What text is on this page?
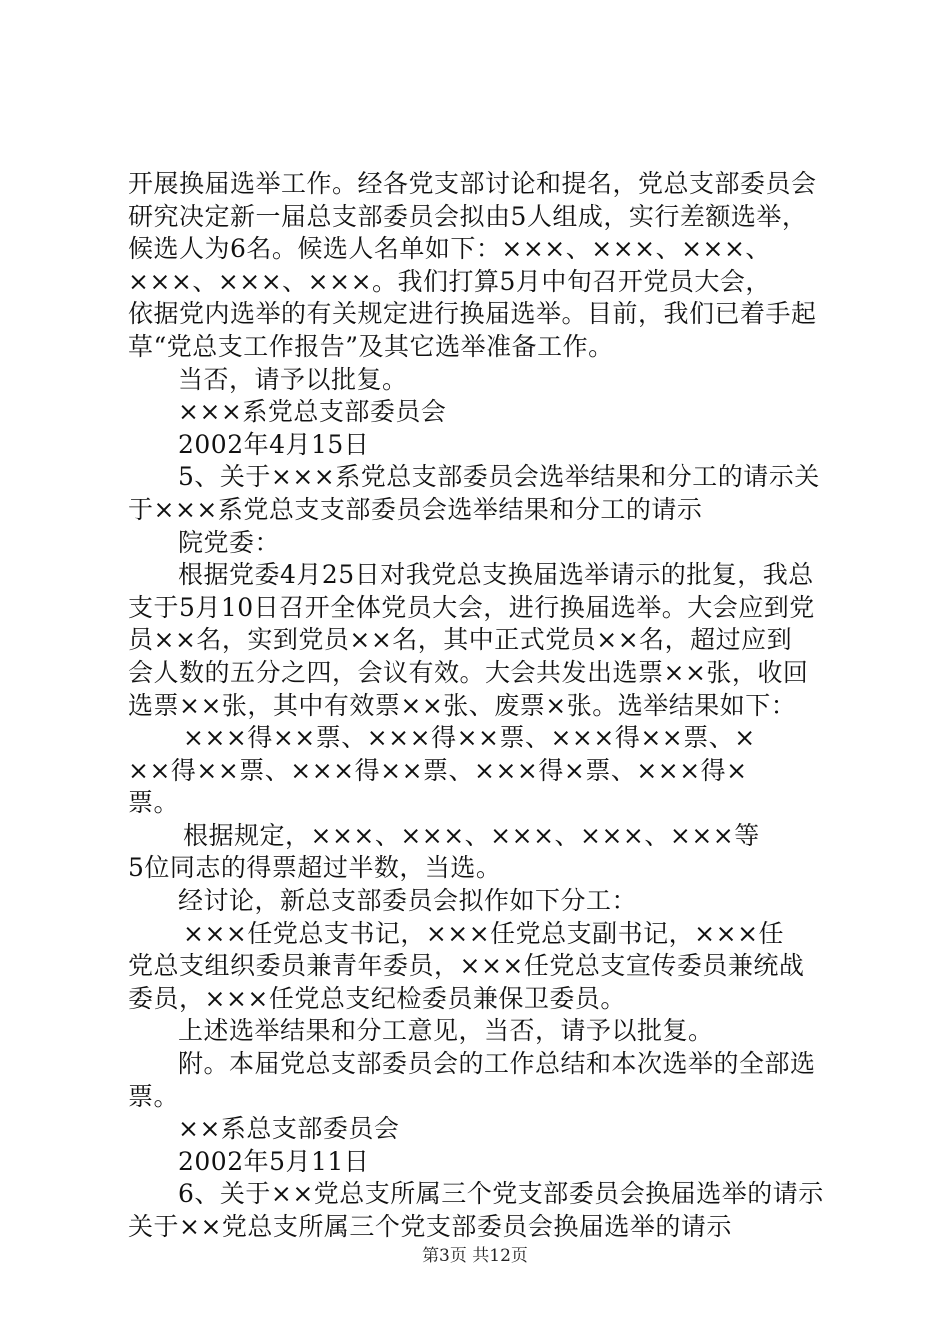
开展换届选举工作。经各党支部讨论和提名，党总支部委员会
研究决定新一届总支部委员会拟由5人组成，实行差额选举，
候选人为6名。候选人名单如下：×××、×××、×××、
×××、×××、×××。我们打算5月中旬召开党员大会，
依据党内选举的有关规定进行换届选举。目前，我们已着手起
草“党总支工作报告”及其它选举准备工作。
当否，请予以批复。
×××系党总支部委员会
2002年4月15日
5、关于×××系党总支部委员会选举结果和分工的请示关
于×××系党总支支部委员会选举结果和分工的请示
院党委：
根据党委4月25日对我党总支换届选举请示的批复，我总
支于5月10日召开全体党员大会，进行换届选举。大会应到党
员××名，实到党员××名，其中正式党员××名，超过应到
会人数的五分之四，会议有效。大会共发出选票××张，收回
选票××张，其中有效票××张、废票×张。选举结果如下：
×××得××票、×××得××票、×××得××票、×
××得××票、×××得××票、×××得×票、×××得×
票。
根据规定，×××、×××、×××、×××、×××等
5位同志的得票超过半数，当选。
经讨论，新总支部委员会拟作如下分工：
×××任党总支书记，×××任党总支副书记，×××任
党总支组织委员兼青年委员，×××任党总支宣传委员兼统战
委员，×××任党总支纪检委员兼保卫委员。
上述选举结果和分工意见，当否，请予以批复。
附。本届党总支部委员会的工作总结和本次选举的全部选
票。
××系总支部委员会
2002年5月11日
6、关于××党总支所属三个党支部委员会换届选举的请示
关于××党总支所属三个党支部委员会换届选举的请示
第3页 共12页
